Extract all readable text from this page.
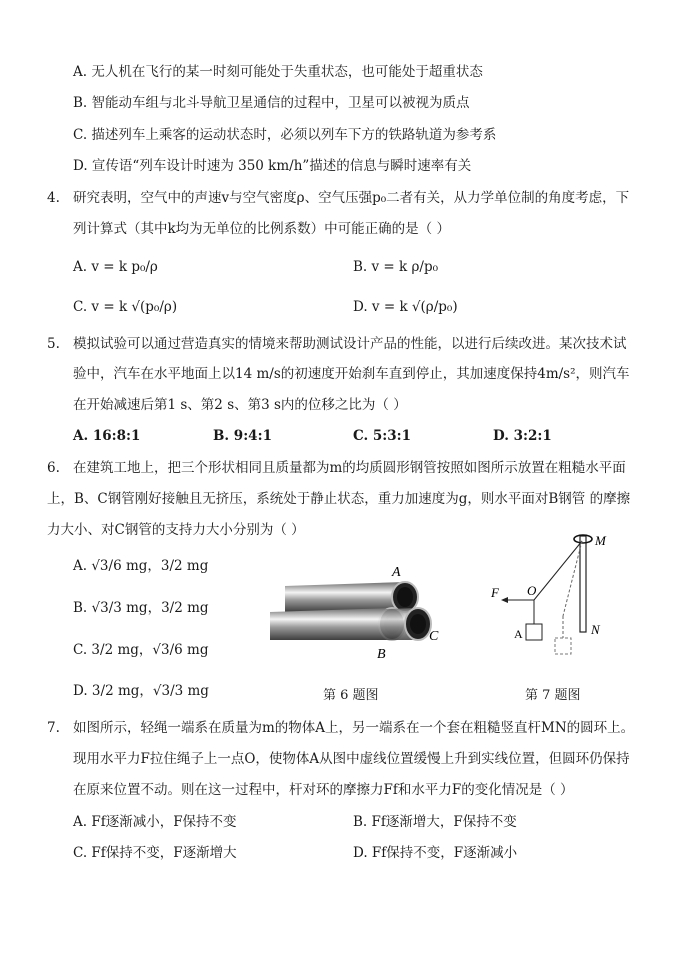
A. 无人机在飞行的某一时刻可能处于失重状态，也可能处于超重状态
B. 智能动车组与北斗导航卫星通信的过程中，卫星可以被视为质点
C. 描述列车上乘客的运动状态时，必须以列车下方的铁路轨道为参考系
D. 宣传语“列车设计时速为 350 km/h”描述的信息与瞬时速率有关
4. 研究表明，空气中的声速v与空气密度ρ、空气压强p₀二者有关，从力学单位制的角度考虑，下
列计算式（其中k均为无单位的比例系数）中可能正确的是（ ）
A. v = k p₀/ρ	B. v = k ρ/p₀
C. v = k √(p₀/ρ)	D. v = k √(ρ/p₀)
5. 模拟试验可以通过营造真实的情境来帮助测试设计产品的性能，以进行后续改进。某次技术试
验中，汽车在水平地面上以14 m/s的初速度开始刹车直到停止，其加速度保持4m/s²，则汽车
在开始减速后第1 s、第2 s、第3 s内的位移之比为（ ）
A. 16:8:1	B. 9:4:1	C. 5:3:1	D. 3:2:1
6. 在建筑工地上，把三个形状相同且质量都为m的均质圆形钢管按照如图所示放置在粗糙水平面
上，B、C钢管刚好接触且无挤压，系统处于静止状态，重力加速度为g，则水平面对B钢管 的摩擦
力大小、对C钢管的支持力大小分别为（ ）
A. √3/6 mg，3/2 mg
B. √3/3 mg，3/2 mg
C. 3/2 mg，√3/6 mg
D. 3/2 mg，√3/3 mg
A
B
C
第 6 题图
M
N
O
F
A
第 7 题图
7. 如图所示，轻绳一端系在质量为m的物体A上，另一端系在一个套在粗糙竖直杆MN的圆环上。
现用水平力F拉住绳子上一点O，使物体A从图中虚线位置缓慢上升到实线位置，但圆环仍保持
在原来位置不动。则在这一过程中，杆对环的摩擦力Ff和水平力F的变化情况是（ ）
A. Ff逐渐减小，F保持不变	B. Ff逐渐增大，F保持不变
C. Ff保持不变，F逐渐增大	D. Ff保持不变，F逐渐减小
